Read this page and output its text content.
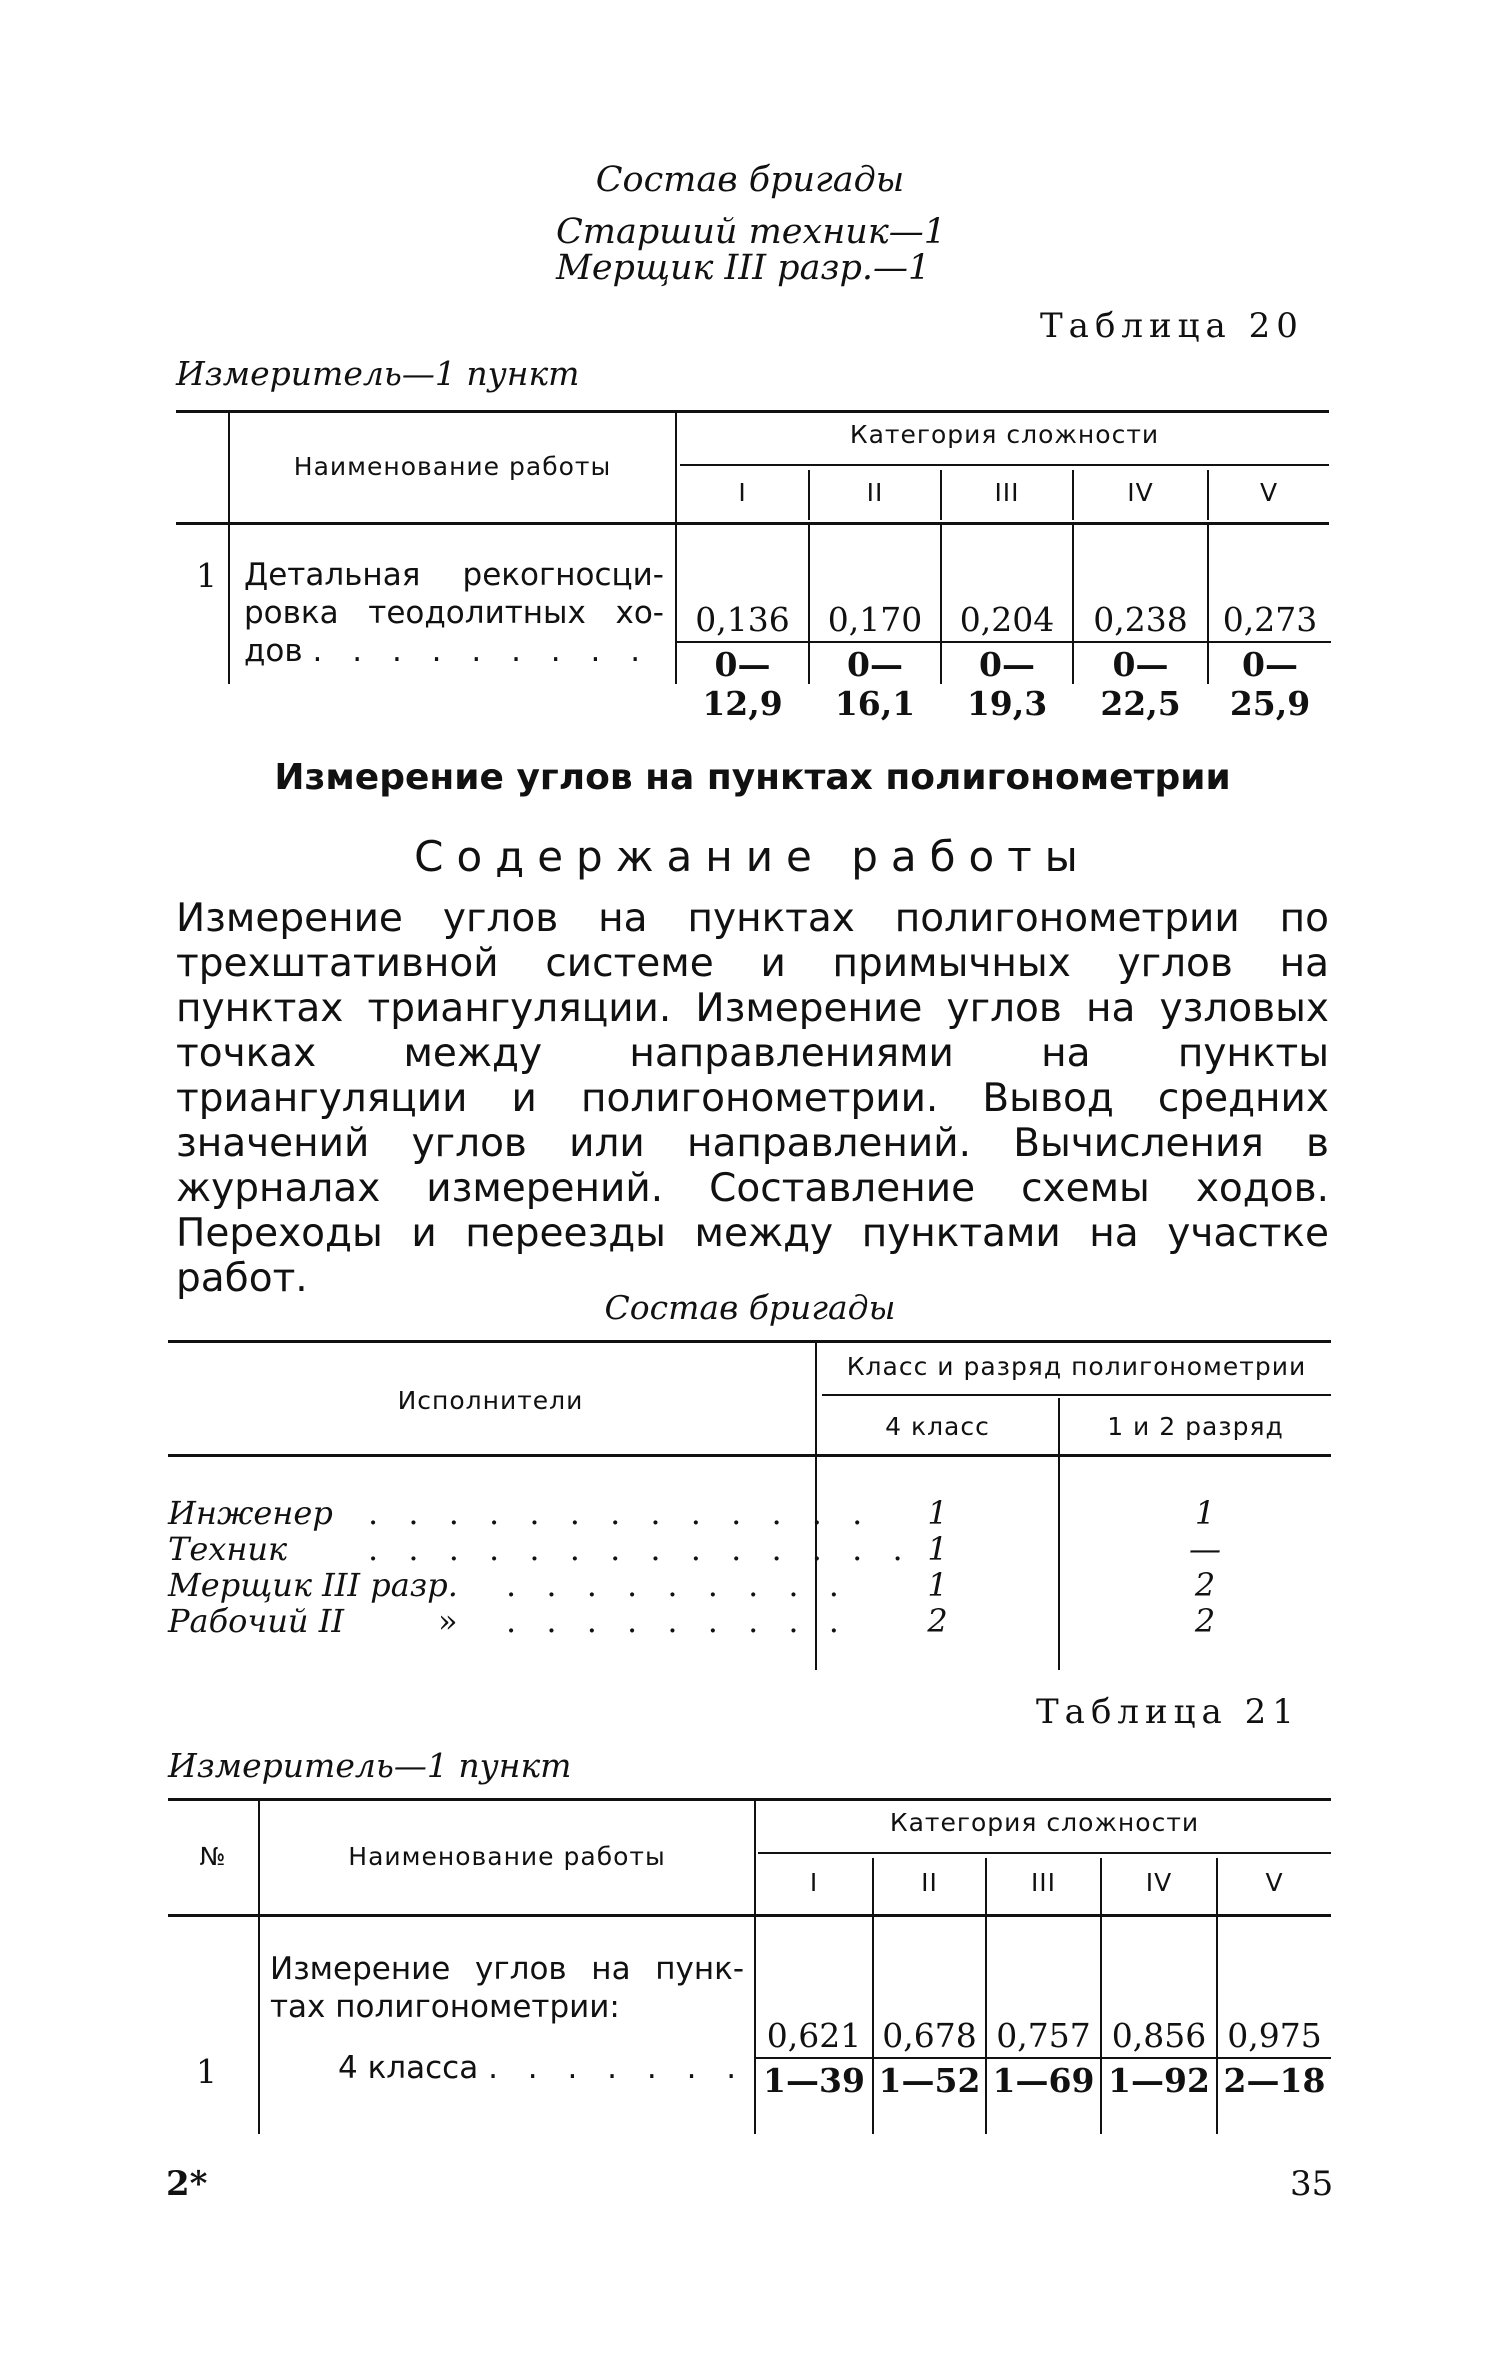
Состав бригады
Старший техник—1
Мерщик III разр.—1
Таблица 20
Измеритель—1 пункт
Наименование работы
Категория сложности
I	II	III	IV	V
1 Детальная рекогносци-
ровка теодолитных хо-
дов . . . . . . . . . $\frac{0,136}{0—12,9} \frac{0,170}{0—16,1} \frac{0,204}{0—19,3} \frac{0,238}{0—22,5} \frac{0,273}{0—25,9}$
Измерение углов на пунктах полигонометрии
Содержание работы
Измерение углов на пунктах полигонометрии по трехштативной системе и примычных углов на пунктах триангуляции. Измерение углов на узловых точках между направлениями на пункты триангуляции и полигонометрии. Вывод средних значений углов или направлений. Вычисления в журналах измерений. Составление схемы ходов. Переходы и переезды между пунктами на участке работ.
Состав бригады
Исполнители
Класс и разряд полигонометрии
4 класс	1 и 2 разряд
Инженер . . . . . . . . . . . . .	1	1
Техник	. . . . . . . . . . . . . . 1	—
Мерщик III разр. . . . . . . . . .	1	2
Рабочий II	» . . . . . . . . .	2	2
Таблица 21
Измеритель—1 пункт
№	Наименование работы
Категория сложности
I	II	III	IV	V
Измерение углов на пунк-
тах полигонометрии:
1	4 класса . . . . . . . $\frac{0,621}{1—39} \frac{0,678}{1—52} \frac{0,757}{1—69} \frac{0,856}{1—92} \frac{0,975}{2—18}$
2*	35
